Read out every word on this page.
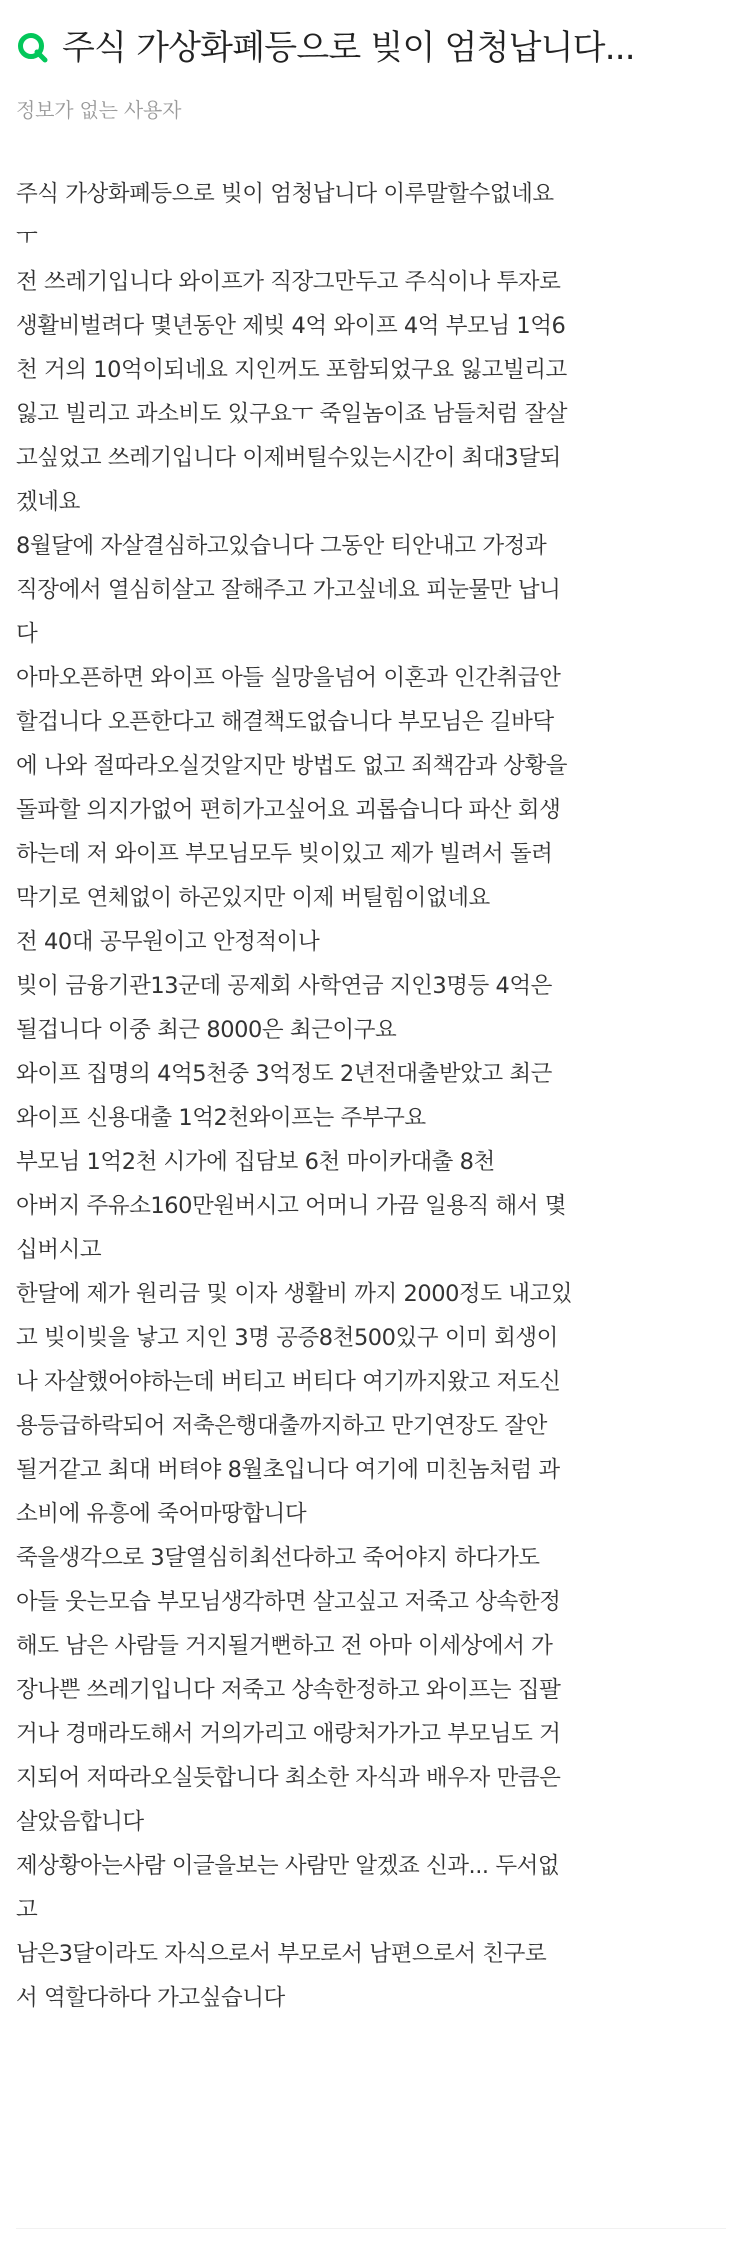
주식 가상화폐등으로 빚이 엄청납니다...
정보가 없는 사용자
주식 가상화폐등으로 빚이 엄청납니다 이루말할수없네요
ㅜ
전 쓰레기입니다 와이프가 직장그만두고 주식이나 투자로
생활비벌려다 몇년동안 제빚 4억 와이프 4억 부모님 1억6
천 거의 10억이되네요 지인꺼도 포함되었구요 잃고빌리고
잃고 빌리고 과소비도 있구요ㅜ 죽일놈이죠 남들처럼 잘살
고싶었고 쓰레기입니다 이제버틸수있는시간이 최대3달되
겠네요
8월달에 자살결심하고있습니다 그동안 티안내고 가정과
직장에서 열심히살고 잘해주고 가고싶네요 피눈물만 납니
다
아마오픈하면 와이프 아들 실망을넘어 이혼과 인간취급안
할겁니다 오픈한다고 해결책도없습니다 부모님은 길바닥
에 나와 절따라오실것알지만 방법도 없고 죄책감과 상황을
돌파할 의지가없어 편히가고싶어요 괴롭습니다 파산 회생
하는데 저 와이프 부모님모두 빚이있고 제가 빌려서 돌려
막기로 연체없이 하곤있지만 이제 버틸힘이없네요
전 40대 공무원이고 안정적이나
빚이 금융기관13군데 공제회 사학연금 지인3명등 4억은
될겁니다 이중 최근 8000은 최근이구요
와이프 집명의 4억5천중 3억정도 2년전대출받았고 최근
와이프 신용대출 1억2천와이프는 주부구요
부모님 1억2천 시가에 집담보 6천 마이카대출 8천
아버지 주유소160만원버시고 어머니 가끔 일용직 해서 몇
십버시고
한달에 제가 원리금 및 이자 생활비 까지 2000정도 내고있
고 빚이빚을 낳고 지인 3명 공증8천500있구 이미 회생이
나 자살했어야하는데 버티고 버티다 여기까지왔고 저도신
용등급하락되어 저축은행대출까지하고 만기연장도 잘안
될거같고 최대 버텨야 8월초입니다 여기에 미친놈처럼 과
소비에 유흥에 죽어마땅합니다
죽을생각으로 3달열심히최선다하고 죽어야지 하다가도
아들 웃는모습 부모님생각하면 살고싶고 저죽고 상속한정
해도 남은 사람들 거지될거뻔하고 전 아마 이세상에서 가
장나쁜 쓰레기입니다 저죽고 상속한정하고 와이프는 집팔
거나 경매라도해서 거의가리고 애랑처가가고 부모님도 거
지되어 저따라오실듯합니다 최소한 자식과 배우자 만큼은
살았음합니다
제상황아는사람 이글을보는 사람만 알겠죠 신과... 두서없
고
남은3달이라도 자식으로서 부모로서 남편으로서 친구로
서 역할다하다 가고싶습니다
